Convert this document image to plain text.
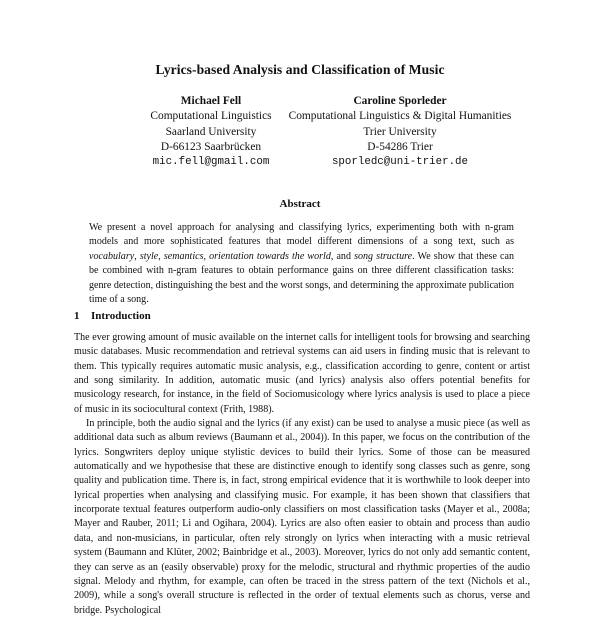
Lyrics-based Analysis and Classification of Music
Michael Fell
Computational Linguistics
Saarland University
D-66123 Saarbrücken
mic.fell@gmail.com
Caroline Sporleder
Computational Linguistics & Digital Humanities
Trier University
D-54286 Trier
sporledc@uni-trier.de
Abstract
We present a novel approach for analysing and classifying lyrics, experimenting both with n-gram models and more sophisticated features that model different dimensions of a song text, such as vocabulary, style, semantics, orientation towards the world, and song structure. We show that these can be combined with n-gram features to obtain performance gains on three different classification tasks: genre detection, distinguishing the best and the worst songs, and determining the approximate publication time of a song.
1 Introduction

The ever growing amount of music available on the internet calls for intelligent tools for browsing and searching music databases. Music recommendation and retrieval systems can aid users in finding music that is relevant to them. This typically requires automatic music analysis, e.g., classification according to genre, content or artist and song similarity. In addition, automatic music (and lyrics) analysis also offers potential benefits for musicology research, for instance, in the field of Sociomusicology where lyrics analysis is used to place a piece of music in its sociocultural context (Frith, 1988).

In principle, both the audio signal and the lyrics (if any exist) can be used to analyse a music piece (as well as additional data such as album reviews (Baumann et al., 2004)). In this paper, we focus on the contribution of the lyrics. Songwriters deploy unique stylistic devices to build their lyrics. Some of those can be measured automatically and we hypothesise that these are distinctive enough to identify song classes such as genre, song quality and publication time. There is, in fact, strong empirical evidence that it is worthwhile to look deeper into lyrical properties when analysing and classifying music. For example, it has been shown that classifiers that incorporate textual features outperform audio-only classifiers on most classification tasks (Mayer et al., 2008a; Mayer and Rauber, 2011; Li and Ogihara, 2004). Lyrics are also often easier to obtain and process than audio data, and non-musicians, in particular, often rely strongly on lyrics when interacting with a music retrieval system (Baumann and Klüter, 2002; Bainbridge et al., 2003). Moreover, lyrics do not only add semantic content, they can serve as an (easily observable) proxy for the melodic, structural and rhythmic properties of the audio signal. Melody and rhythm, for example, can often be traced in the stress pattern of the text (Nichols et al., 2009), while a song's overall structure is reflected in the order of textual elements such as chorus, verse and bridge. Psychological
